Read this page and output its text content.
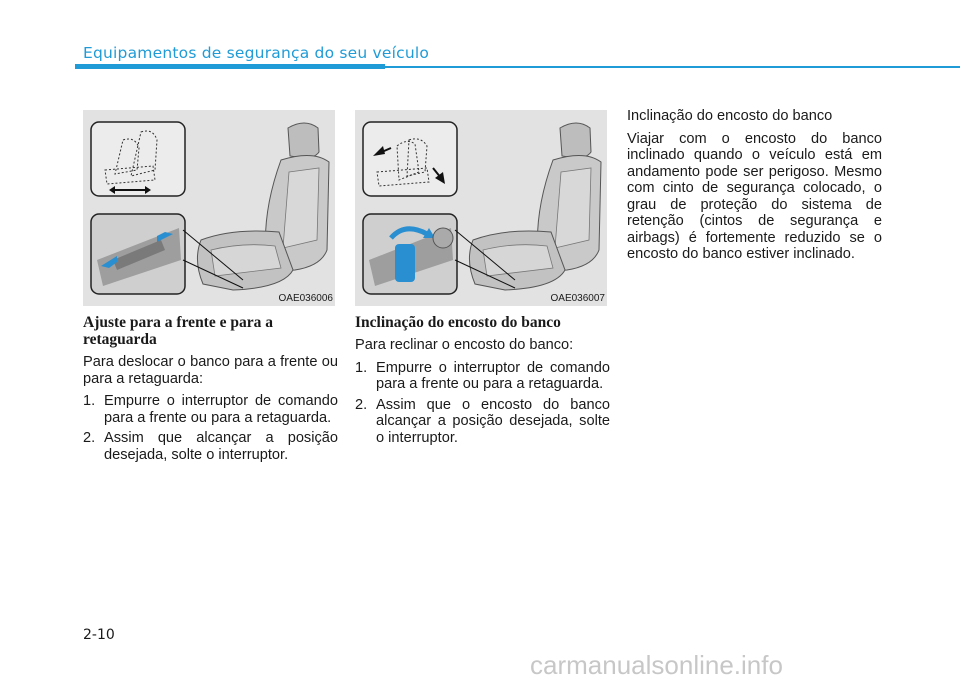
Equipamentos de segurança do seu veículo
OAE036006	OAE036007
Ajuste para a frente e para a retaguarda

Para deslocar o banco para a frente ou para a retaguarda:

1. Empurre o interruptor de comando para a frente ou para a retaguarda.
2. Assim que alcançar a posição desejada, solte o interruptor.
Inclinação do encosto do banco

Para reclinar o encosto do banco:

1. Empurre o interruptor de comando para a frente ou para a retaguarda.
2. Assim que o encosto do banco alcançar a posição desejada, solte o interruptor.

Inclinação do encosto do banco

Viajar com o encosto do banco inclinado quando o veículo está em andamento pode ser perigoso. Mesmo com cinto de segurança colocado, o grau de proteção do sistema de retenção (cintos de segurança e airbags) é fortemente reduzido se o encosto do banco estiver inclinado.

2-10
carmanualsonline.info
